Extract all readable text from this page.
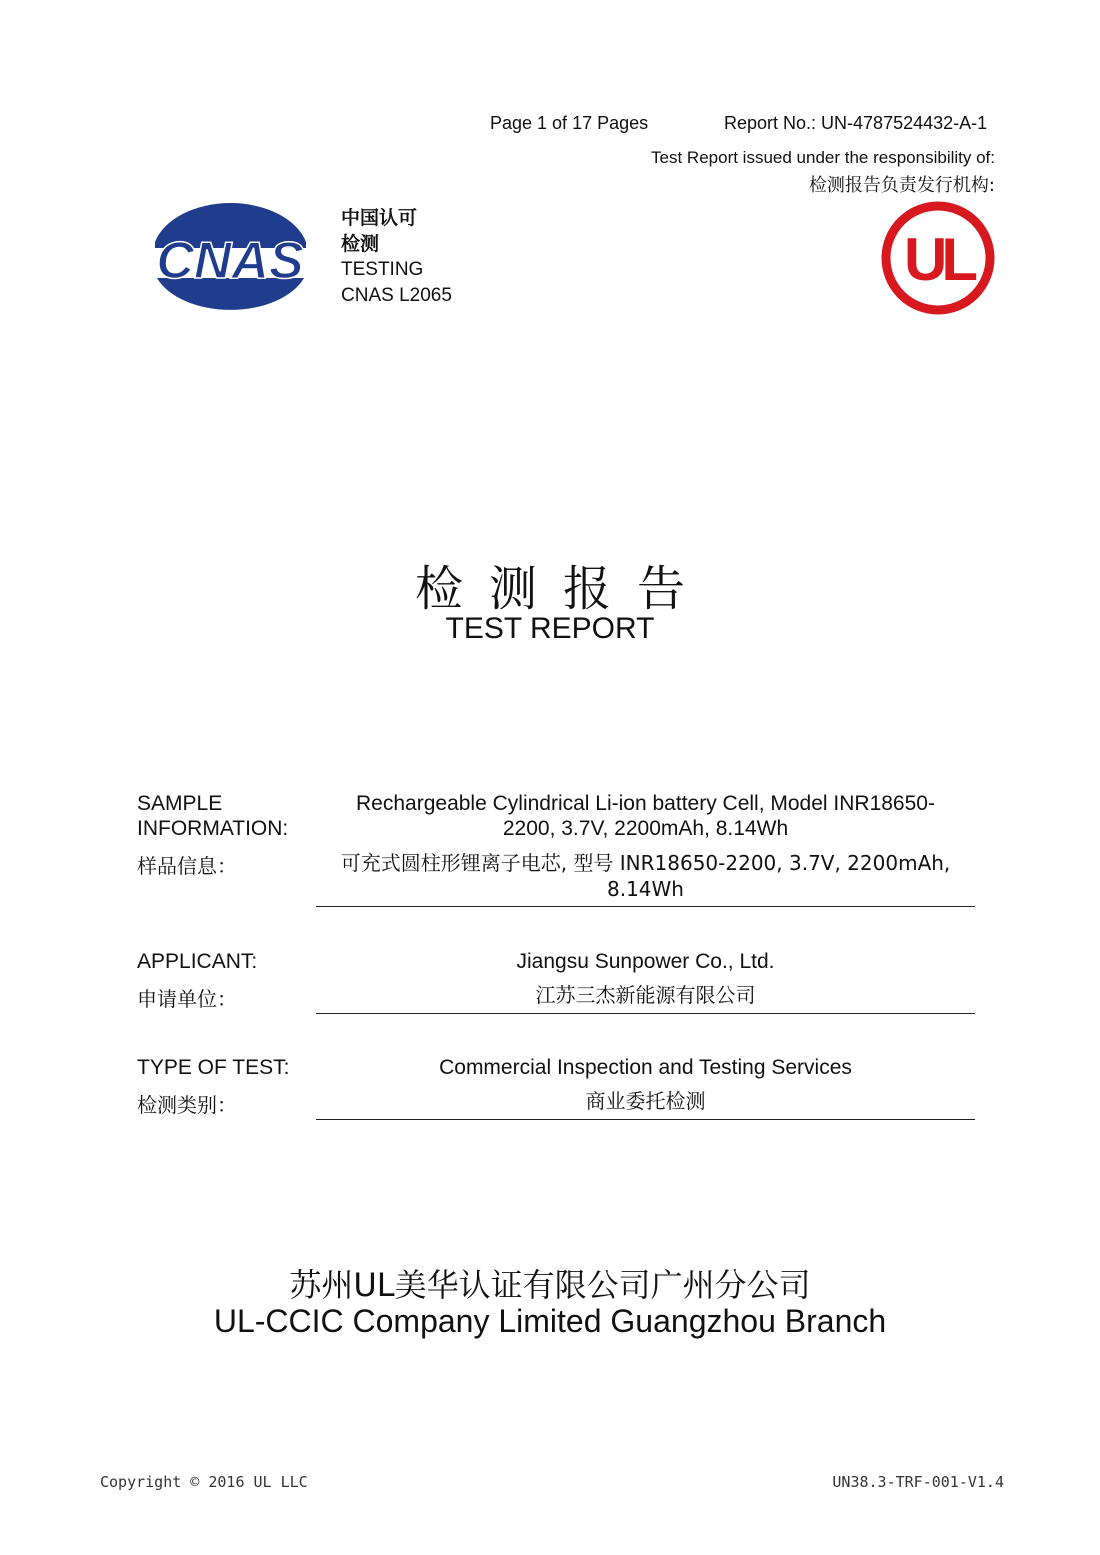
Page 1 of 17 Pages	Report No.: UN-4787524432-A-1
Test Report issued under the responsibility of:
检测报告负责发行机构:
CNAS
中国认可
检测
TESTING
CNAS L2065
UL
检测报告
TEST REPORT
SAMPLE
INFORMATION:
样品信息：
Rechargeable Cylindrical Li-ion battery Cell, Model INR18650-
2200, 3.7V, 2200mAh, 8.14Wh
可充式圆柱形锂离子电芯, 型号 INR18650-2200, 3.7V, 2200mAh,
8.14Wh
APPLICANT:
申请单位：
Jiangsu Sunpower Co., Ltd.
江苏三杰新能源有限公司
TYPE OF TEST:
检测类别：
Commercial Inspection and Testing Services
商业委托检测
苏州UL美华认证有限公司广州分公司
UL-CCIC Company Limited Guangzhou Branch
Copyright © 2016 UL LLC	UN38.3-TRF-001-V1.4
